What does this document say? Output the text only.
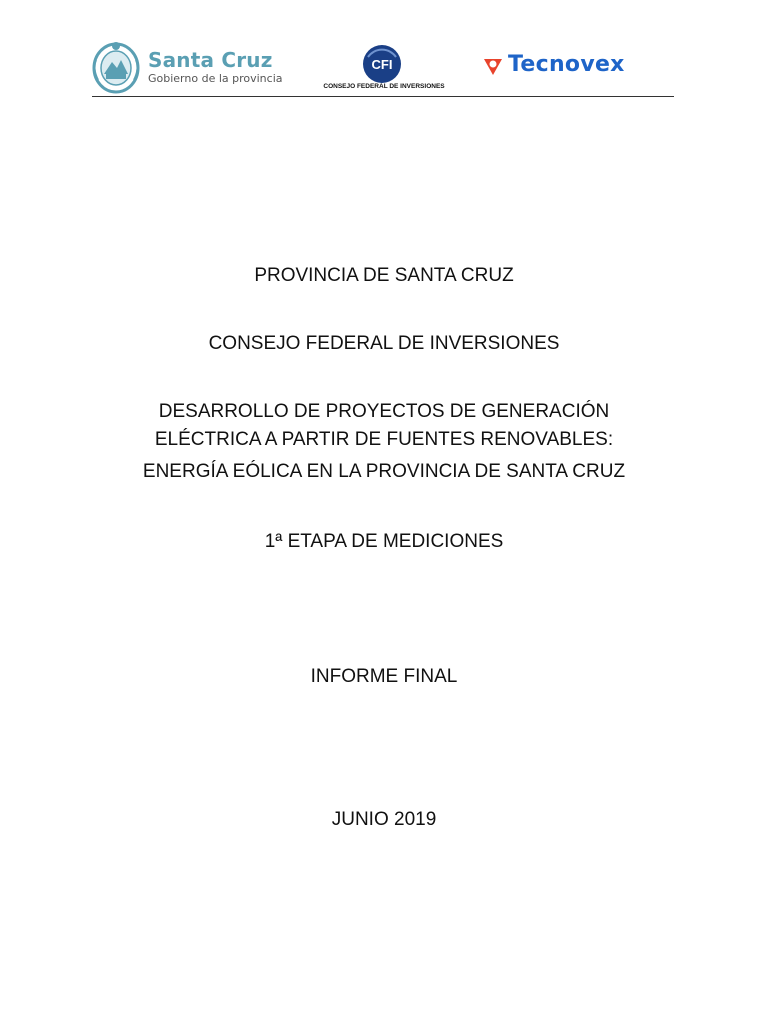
Santa Cruz
Gobierno de la provincia
CFI
CONSEJO FEDERAL DE INVERSIONES
Tecnovex
PROVINCIA DE SANTA CRUZ
CONSEJO FEDERAL DE INVERSIONES
DESARROLLO DE PROYECTOS DE GENERACIÓN
ELÉCTRICA A PARTIR DE FUENTES RENOVABLES:
ENERGÍA EÓLICA EN LA PROVINCIA DE SANTA CRUZ
1ª ETAPA DE MEDICIONES
INFORME FINAL
JUNIO 2019
